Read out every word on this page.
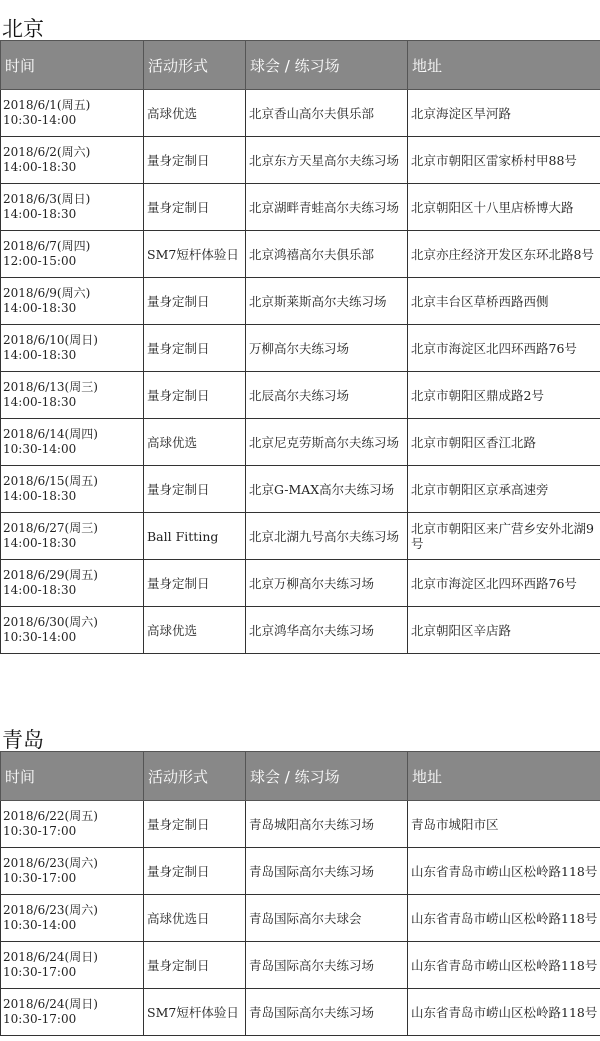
北京
时间	活动形式	球会 / 练习场	地址

2018/6/1(周五)
10:30-14:00	高球优选	北京香山高尔夫俱乐部	北京海淀区旱河路

2018/6/2(周六)
14:00-18:30	量身定制日	北京东方天星高尔夫练习场	北京市朝阳区雷家桥村甲88号

2018/6/3(周日)
14:00-18:30	量身定制日	北京湖畔青蛙高尔夫练习场	北京朝阳区十八里店桥博大路

2018/6/7(周四)
12:00-15:00	SM7短杆体验日	北京鸿禧高尔夫俱乐部	北京亦庄经济开发区东环北路8号

2018/6/9(周六)
14:00-18:30	量身定制日	北京斯莱斯高尔夫练习场	北京丰台区草桥西路西侧

2018/6/10(周日)
14:00-18:30	量身定制日	万柳高尔夫练习场	北京市海淀区北四环西路76号

2018/6/13(周三)
14:00-18:30	量身定制日	北辰高尔夫练习场	北京市朝阳区鼎成路2号

2018/6/14(周四)
10:30-14:00	高球优选	北京尼克劳斯高尔夫练习场	北京市朝阳区香江北路

2018/6/15(周五)
14:00-18:30	量身定制日	北京G-MAX高尔夫练习场	北京市朝阳区京承高速旁

2018/6/27(周三)
14:00-18:30	Ball Fitting	北京北湖九号高尔夫练习场	北京市朝阳区来广营乡安外北湖9号

2018/6/29(周五)
14:00-18:30	量身定制日	北京万柳高尔夫练习场	北京市海淀区北四环西路76号

2018/6/30(周六)
10:30-14:00	高球优选	北京鸿华高尔夫练习场	北京朝阳区辛店路
青岛
时间	活动形式	球会 / 练习场	地址

2018/6/22(周五)
10:30-17:00	量身定制日	青岛城阳高尔夫练习场	青岛市城阳市区

2018/6/23(周六)
10:30-17:00	量身定制日	青岛国际高尔夫练习场	山东省青岛市崂山区松岭路118号

2018/6/23(周六)
10:30-14:00	高球优选日	青岛国际高尔夫球会	山东省青岛市崂山区松岭路118号

2018/6/24(周日)
10:30-17:00	量身定制日	青岛国际高尔夫练习场	山东省青岛市崂山区松岭路118号

2018/6/24(周日)
10:30-17:00	SM7短杆体验日	青岛国际高尔夫练习场	山东省青岛市崂山区松岭路118号
